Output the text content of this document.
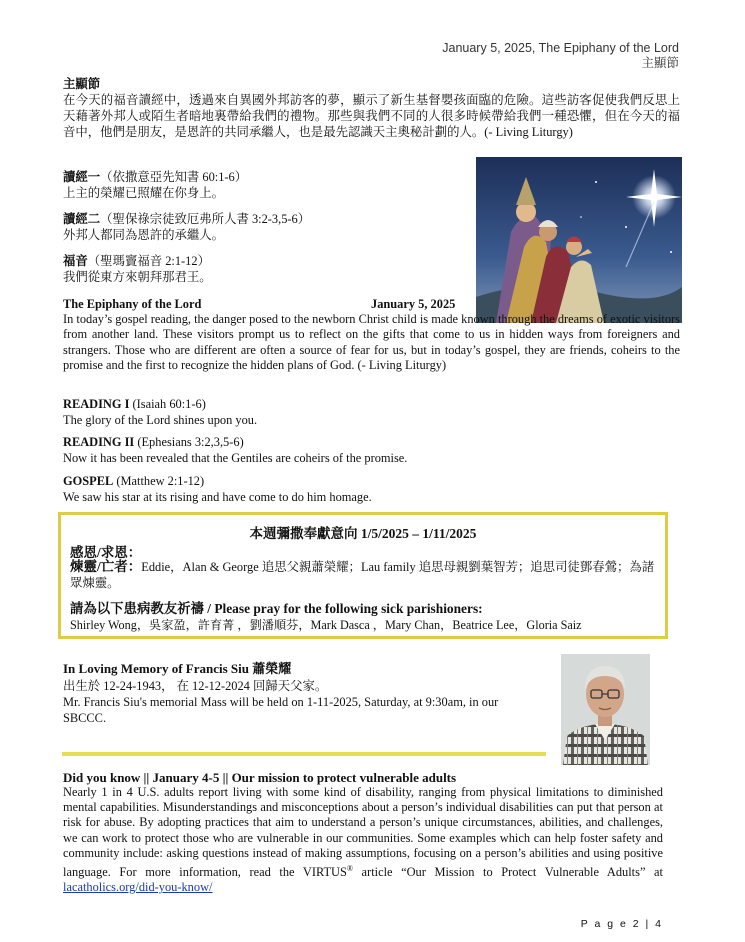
January 5, 2025, The Epiphany of the Lord
主顯節
主顯節
在今天的福音讀經中，透過來自異國外邦訪客的夢，顯示了新生基督嬰孩面臨的危險。這些訪客促使我們反思上天藉著外邦人或陌生者暗地裏帶給我們的禮物。那些與我們不同的人很多時候帶給我們一種恐懼，但在今天的福音中，他們是朋友，是恩許的共同承繼人，也是最先認識天主奧秘計劃的人。(- Living Liturgy)
讀經一（依撒意亞先知書 60:1-6）
上主的榮耀已照耀在你身上。
讀經二（聖保祿宗徒致厄弗所人書 3:2-3,5-6）
外邦人都同為恩許的承繼人。
福音（聖瑪竇福音 2:1-12）
我們從東方來朝拜那君王。
The Epiphany of the Lord	January 5, 2025
In today’s gospel reading, the danger posed to the newborn Christ child is made known through the dreams of exotic visitors from another land. These visitors prompt us to reflect on the gifts that come to us in hidden ways from foreigners and strangers. Those who are different are often a source of fear for us, but in today’s gospel, they are friends, coheirs to the promise and the first to recognize the hidden plans of God. (- Living Liturgy)
READING I (Isaiah 60:1-6)
The glory of the Lord shines upon you.
READING II (Ephesians 3:2,3,5-6)
Now it has been revealed that the Gentiles are coheirs of the promise.
GOSPEL (Matthew 2:1-12)
We saw his star at its rising and have come to do him homage.
本週彌撒奉獻意向 1/5/2025 – 1/11/2025
感恩/求恩：
煉靈/亡者：Eddie，Alan & George 追思父親蕭榮耀；Lau family 追思母親劉葉智芳；追思司徒鄧春鶯；為諸眾煉靈。
請為以下患病教友祈禱 / Please pray for the following sick parishioners:
Shirley Wong，吳家盈，許育菁 ，劉潘順芬，Mark Dasca ，Mary Chan，Beatrice Lee，Gloria Saiz
In Loving Memory of Francis Siu 蕭榮耀
出生於 12-24-1943， 在 12-12-2024 回歸天父家。
Mr. Francis Siu's memorial Mass will be held on 1-11-2025, Saturday, at 9:30am, in our SBCCC.
Did you know || January 4-5 || Our mission to protect vulnerable adults
Nearly 1 in 4 U.S. adults report living with some kind of disability, ranging from physical limitations to diminished mental capabilities. Misunderstandings and misconceptions about a person’s individual disabilities can put that person at risk for abuse. By adopting practices that aim to understand a person’s unique circumstances, abilities, and challenges, we can work to protect those who are vulnerable in our communities. Some examples which can help foster safety and community include: asking questions instead of making assumptions, focusing on a person’s abilities and using positive language. For more information, read the VIRTUS® article “Our Mission to Protect Vulnerable Adults” at lacatholics.org/did-you-know/
P a g e 2 | 4
